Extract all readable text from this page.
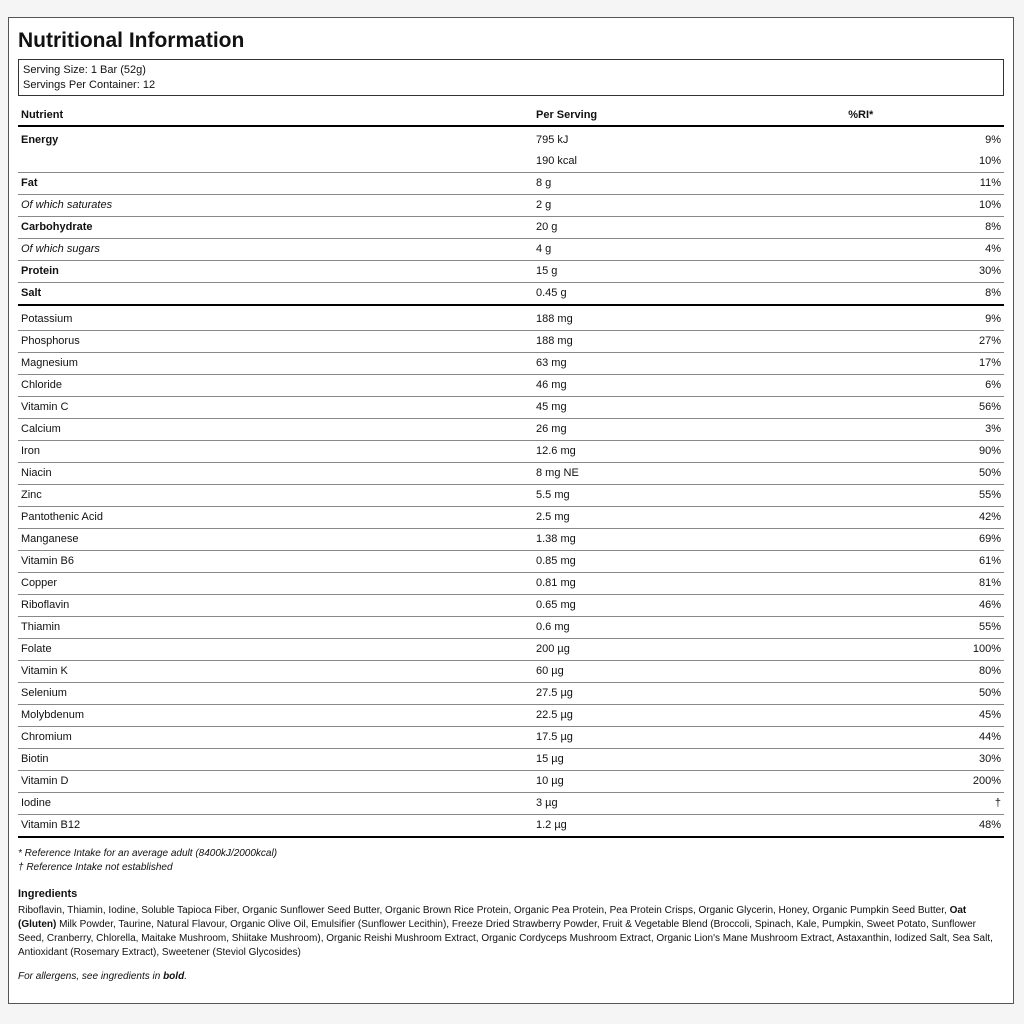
Nutritional Information
Serving Size: 1 Bar (52g)
Servings Per Container: 12
Nutrient	Per Serving	%RI*
Energy	795 kJ	9%
	190 kcal	10%
Fat	8 g	11%
Of which saturates	2 g	10%
Carbohydrate	20 g	8%
Of which sugars	4 g	4%
Protein	15 g	30%
Salt	0.45 g	8%
Potassium	188 mg	9%
Phosphorus	188 mg	27%
Magnesium	63 mg	17%
Chloride	46 mg	6%
Vitamin C	45 mg	56%
Calcium	26 mg	3%
Iron	12.6 mg	90%
Niacin	8 mg NE	50%
Zinc	5.5 mg	55%
Pantothenic Acid	2.5 mg	42%
Manganese	1.38 mg	69%
Vitamin B6	0.85 mg	61%
Copper	0.81 mg	81%
Riboflavin	0.65 mg	46%
Thiamin	0.6 mg	55%
Folate	200 µg	100%
Vitamin K	60 µg	80%
Selenium	27.5 µg	50%
Molybdenum	22.5 µg	45%
Chromium	17.5 µg	44%
Biotin	15 µg	30%
Vitamin D	10 µg	200%
Iodine	3 µg	†
Vitamin B12	1.2 µg	48%
* Reference Intake for an average adult (8400kJ/2000kcal)
† Reference Intake not established
Ingredients
Riboflavin, Thiamin, Iodine, Soluble Tapioca Fiber, Organic Sunflower Seed Butter, Organic Brown Rice Protein, Organic Pea Protein, Pea Protein Crisps, Organic Glycerin, Honey, Organic Pumpkin Seed Butter, Oat (Gluten) Milk Powder, Taurine, Natural Flavour, Organic Olive Oil, Emulsifier (Sunflower Lecithin), Freeze Dried Strawberry Powder, Fruit & Vegetable Blend (Broccoli, Spinach, Kale, Pumpkin, Sweet Potato, Sunflower Seed, Cranberry, Chlorella, Maitake Mushroom, Shiitake Mushroom), Organic Reishi Mushroom Extract, Organic Cordyceps Mushroom Extract, Organic Lion's Mane Mushroom Extract, Astaxanthin, Iodized Salt, Sea Salt, Antioxidant (Rosemary Extract), Sweetener (Steviol Glycosides)
For allergens, see ingredients in bold.
